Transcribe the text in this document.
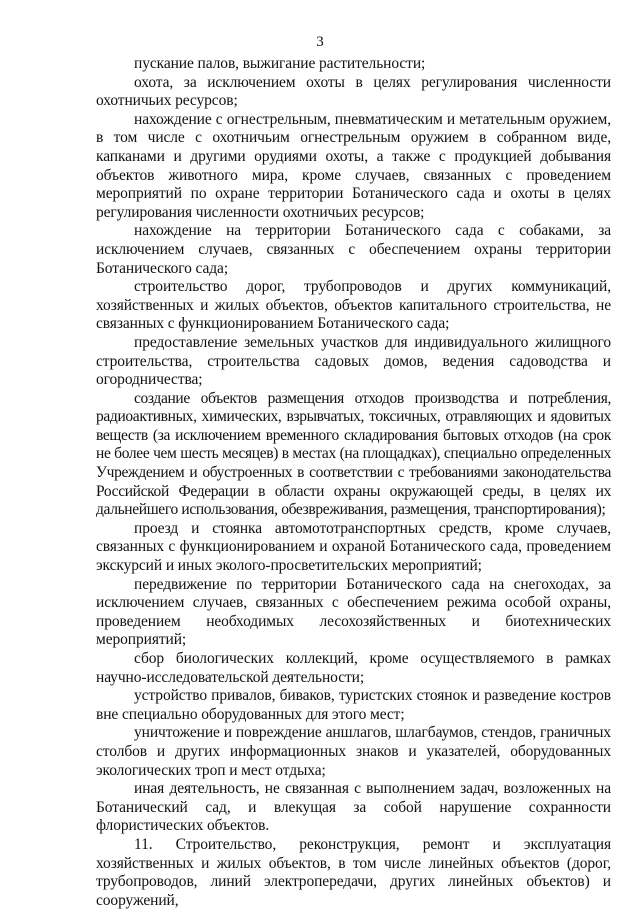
3

пускание палов, выжигание растительности;

охота, за исключением охоты в целях регулирования численности охотничьих ресурсов;

нахождение с огнестрельным, пневматическим и метательным оружием, в том числе с охотничьим огнестрельным оружием в собранном виде, капканами и другими орудиями охоты, а также с продукцией добывания объектов животного мира, кроме случаев, связанных с проведением мероприятий по охране территории Ботанического сада и охоты в целях регулирования численности охотничьих ресурсов;

нахождение на территории Ботанического сада с собаками, за исключением случаев, связанных с обеспечением охраны территории Ботанического сада;

строительство дорог, трубопроводов и других коммуникаций, хозяйственных и жилых объектов, объектов капитального строительства, не связанных с функционированием Ботанического сада;

предоставление земельных участков для индивидуального жилищного строительства, строительства садовых домов, ведения садоводства и огородничества;

создание объектов размещения отходов производства и потребления, радиоактивных, химических, взрывчатых, токсичных, отравляющих и ядовитых веществ (за исключением временного складирования бытовых отходов (на срок не более чем шесть месяцев) в местах (на площадках), специально определенных Учреждением и обустроенных в соответствии с требованиями законодательства Российской Федерации в области охраны окружающей среды, в целях их дальнейшего использования, обезвреживания, размещения, транспортирования);

проезд и стоянка автомототранспортных средств, кроме случаев, связанных с функционированием и охраной Ботанического сада, проведением экскурсий и иных эколого-просветительских мероприятий;

передвижение по территории Ботанического сада на снегоходах, за исключением случаев, связанных с обеспечением режима особой охраны, проведением необходимых лесохозяйственных и биотехнических мероприятий;

сбор биологических коллекций, кроме осуществляемого в рамках научно-исследовательской деятельности;

устройство привалов, биваков, туристских стоянок и разведение костров вне специально оборудованных для этого мест;

уничтожение и повреждение аншлагов, шлагбаумов, стендов, граничных столбов и других информационных знаков и указателей, оборудованных экологических троп и мест отдыха;

иная деятельность, не связанная с выполнением задач, возложенных на Ботанический сад, и влекущая за собой нарушение сохранности флористических объектов.

11. Строительство, реконструкция, ремонт и эксплуатация хозяйственных и жилых объектов, в том числе линейных объектов (дорог, трубопроводов, линий электропередачи, других линейных объектов) и сооружений,
